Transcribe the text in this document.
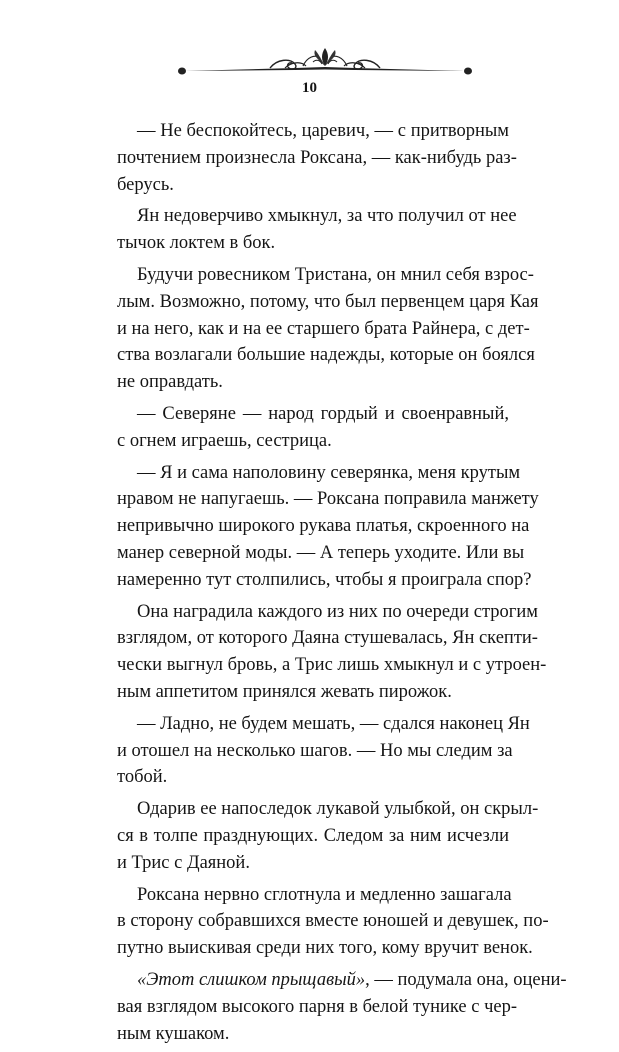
10

— Не беспокойтесь, царевич, — с притворным
почтением произнесла Роксана, — как-нибудь раз-
берусь.

Ян недоверчиво хмыкнул, за что получил от нее
тычок локтем в бок.

Будучи ровесником Тристана, он мнил себя взрос-
лым. Возможно, потому, что был первенцем царя Кая
и на него, как и на ее старшего брата Райнера, с дет-
ства возлагали большие надежды, которые он боялся
не оправдать.

— Северяне — народ гордый и своенравный,
с огнем играешь, сестрица.

— Я и сама наполовину северянка, меня крутым
нравом не напугаешь. — Роксана поправила манжету
непривычно широкого рукава платья, скроенного на
манер северной моды. — А теперь уходите. Или вы
намеренно тут столпились, чтобы я проиграла спор?

Она наградила каждого из них по очереди строгим
взглядом, от которого Даяна стушевалась, Ян скепти-
чески выгнул бровь, а Трис лишь хмыкнул и с утроен-
ным аппетитом принялся жевать пирожок.

— Ладно, не будем мешать, — сдался наконец Ян
и отошел на несколько шагов. — Но мы следим за
тобой.

Одарив ее напоследок лукавой улыбкой, он скрыл-
ся в толпе празднующих. Следом за ним исчезли
и Трис с Даяной.

Роксана нервно сглотнула и медленно зашагала
в сторону собравшихся вместе юношей и девушек, по-
путно выискивая среди них того, кому вручит венок.

«Этот слишком прыщавый», — подумала она, оцени-
вая взглядом высокого парня в белой тунике с чер-
ным кушаком.
